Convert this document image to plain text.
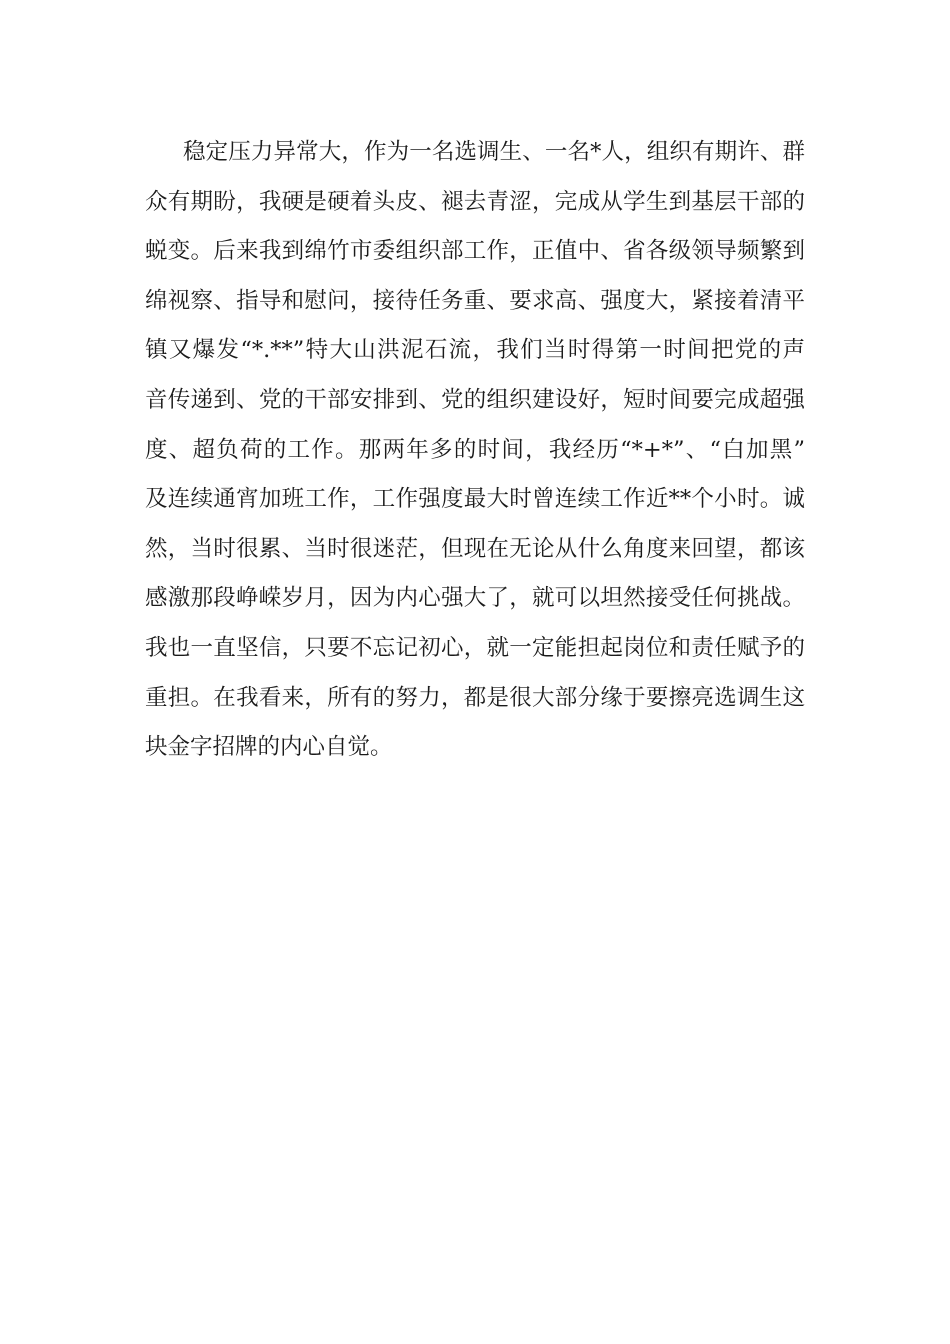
稳定压力异常大，作为一名选调生、一名*人，组织有期许、群
众有期盼，我硬是硬着头皮、褪去青涩，完成从学生到基层干部的
蜕变。后来我到绵竹市委组织部工作，正值中、省各级领导频繁到
绵视察、指导和慰问，接待任务重、要求高、强度大，紧接着清平
镇又爆发“*.**”特大山洪泥石流，我们当时得第一时间把党的声
音传递到、党的干部安排到、党的组织建设好，短时间要完成超强
度、超负荷的工作。那两年多的时间，我经历“*+*”、“白加黑”
及连续通宵加班工作，工作强度最大时曾连续工作近**个小时。诚
然，当时很累、当时很迷茫，但现在无论从什么角度来回望，都该
感激那段峥嵘岁月，因为内心强大了，就可以坦然接受任何挑战。
我也一直坚信，只要不忘记初心，就一定能担起岗位和责任赋予的
重担。在我看来，所有的努力，都是很大部分缘于要擦亮选调生这
块金字招牌的内心自觉。
